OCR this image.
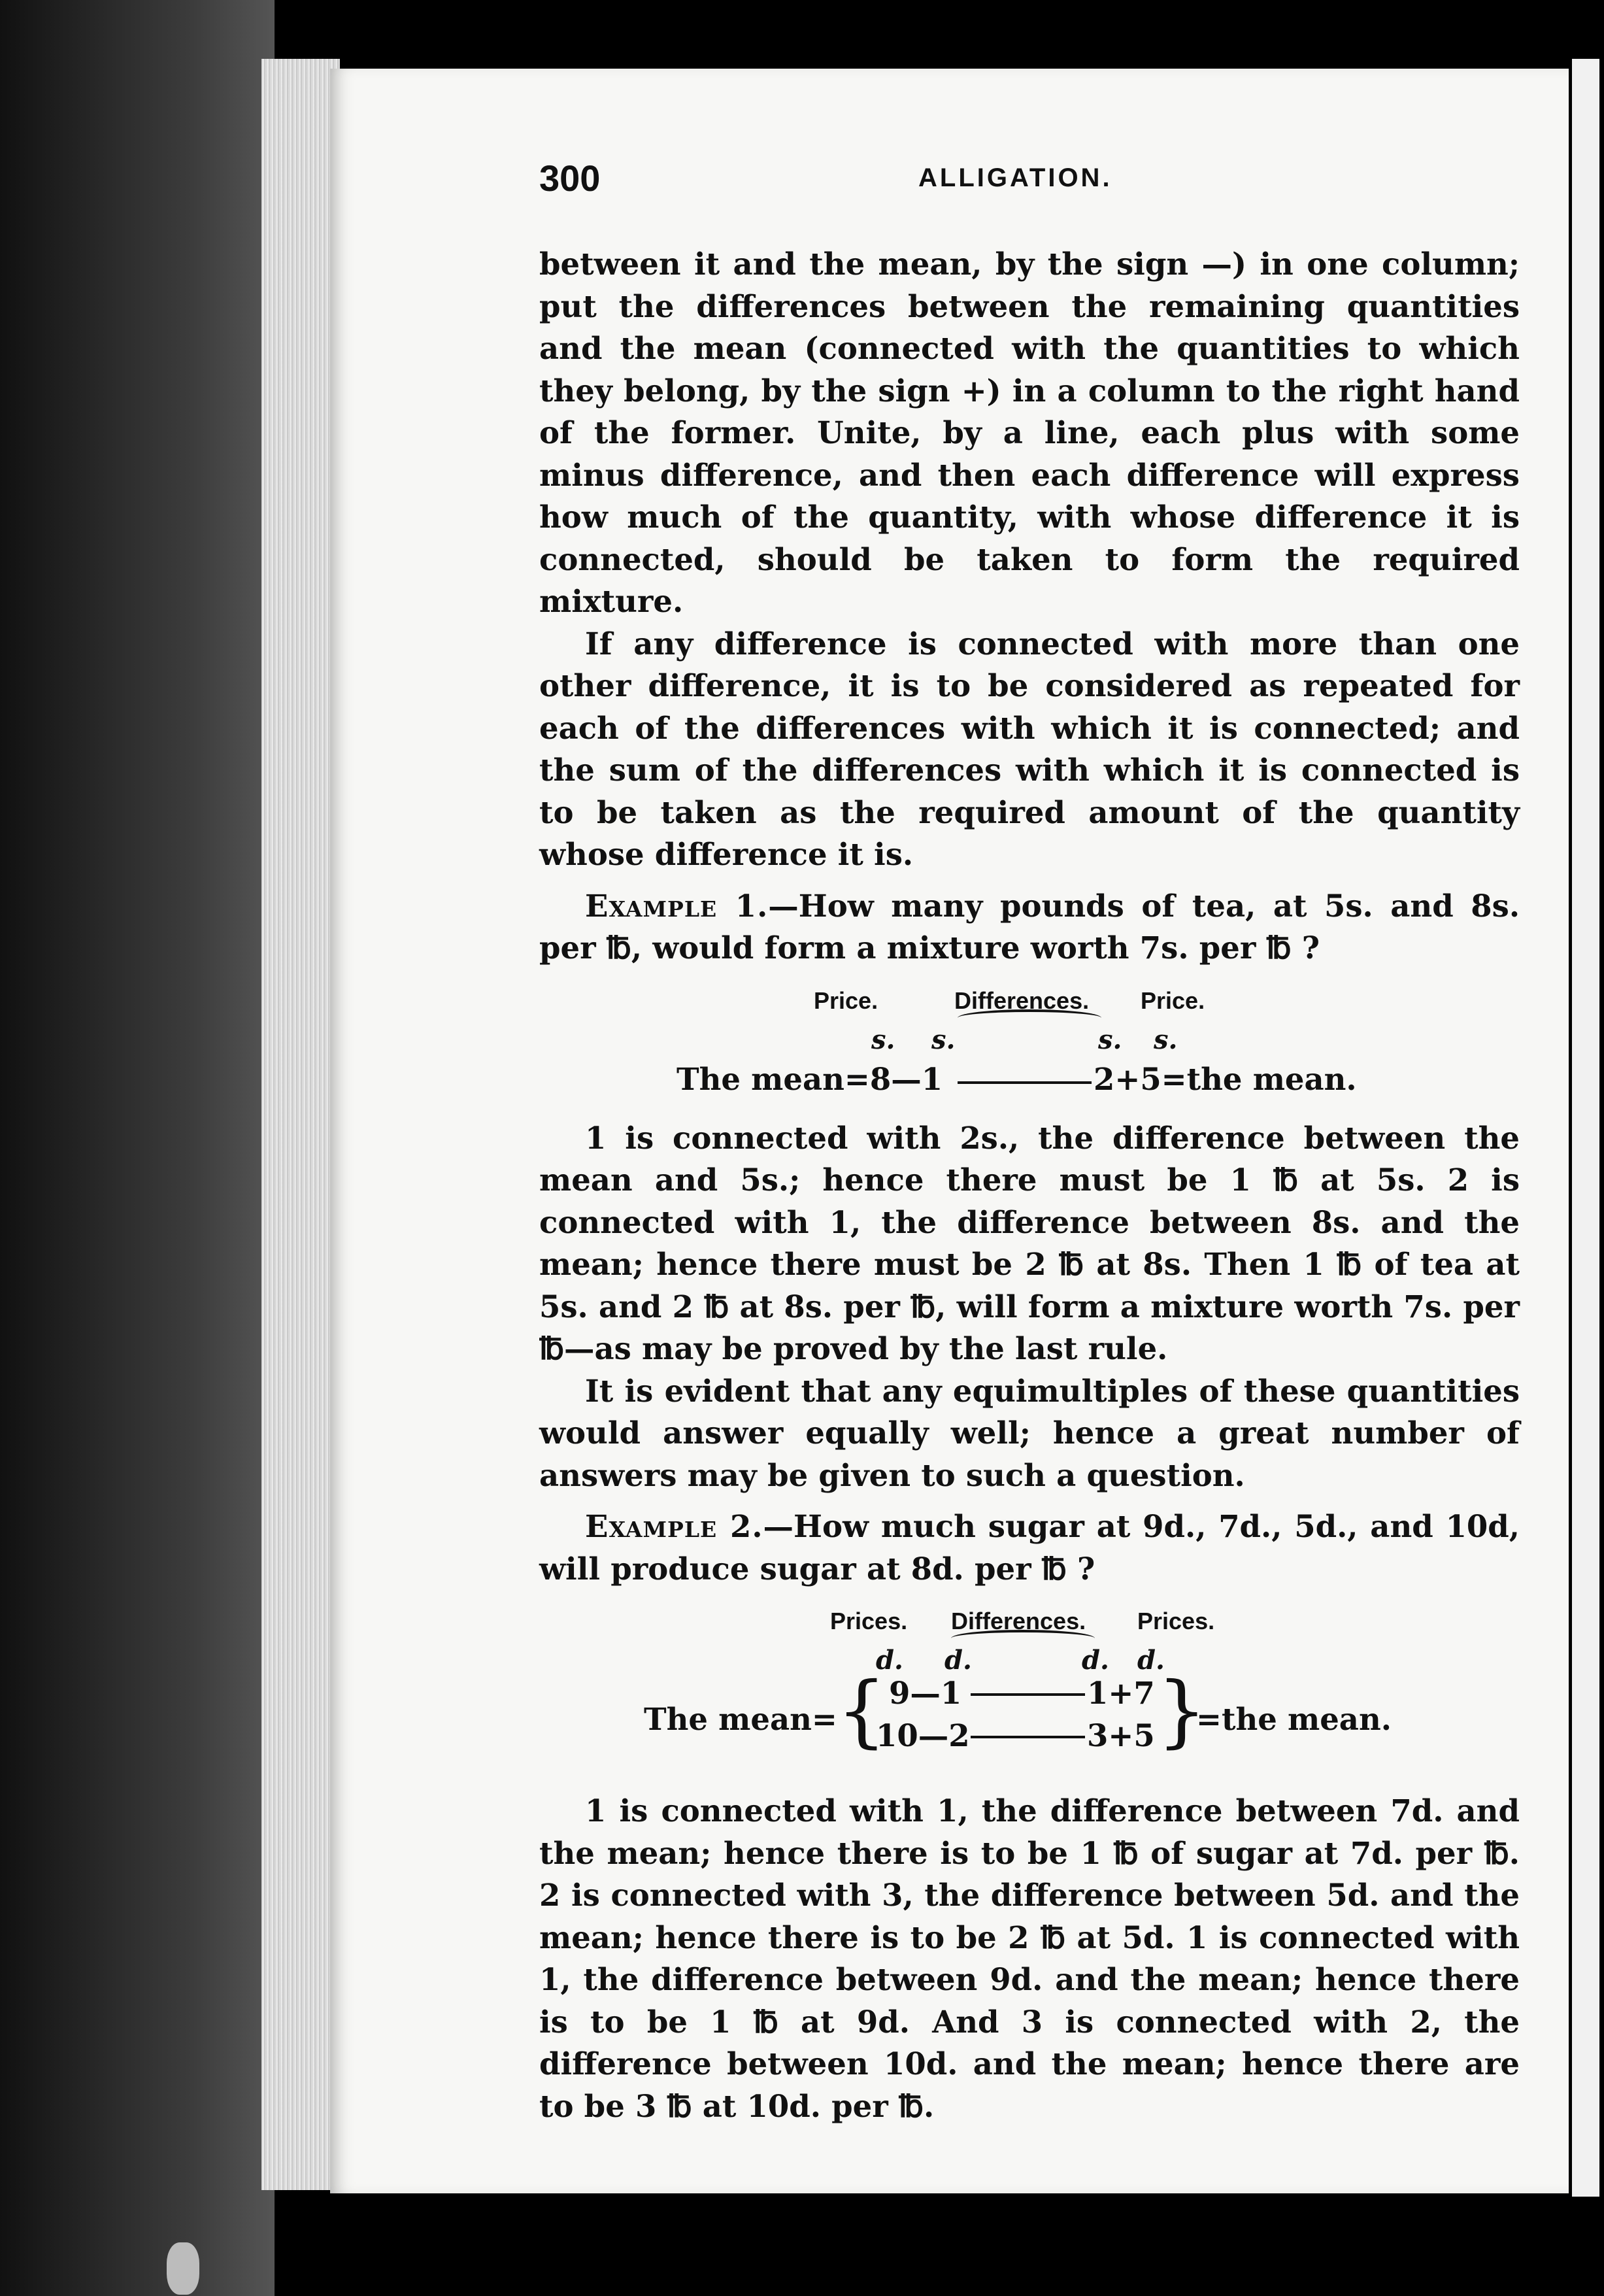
300	ALLIGATION.

between it and the mean, by the sign —) in one column; put the differences between the remaining quantities and the mean (connected with the quantities to which they belong, by the sign +) in a column to the right hand of the former. Unite, by a line, each plus with some minus difference, and then each difference will express how much of the quantity, with whose difference it is connected, should be taken to form the required mixture.

If any difference is connected with more than one other difference, it is to be considered as repeated for each of the differences with which it is connected; and the sum of the differences with which it is connected is to be taken as the required amount of the quantity whose difference it is.

Example 1.—How many pounds of tea, at 5s. and 8s. per ℔, would form a mixture worth 7s. per ℔ ?

Price.	Differences. Price.
s. s.	s. s.
The mean=8—1	2+5=the mean.

1 is connected with 2s., the difference between the mean and 5s.; hence there must be 1 ℔ at 5s. 2 is connected with 1, the difference between 8s. and the mean; hence there must be 2 ℔ at 8s. Then 1 ℔ of tea at 5s. and 2 ℔ at 8s. per ℔, will form a mixture worth 7s. per ℔—as may be proved by the last rule.

It is evident that any equimultiples of these quantities would answer equally well; hence a great number of answers may be given to such a question.

Example 2.—How much sugar at 9d., 7d., 5d., and 10d, will produce sugar at 8d. per ℔ ?

Prices. Differences. Prices.
d. d.	d. d.
The mean= { 9—1	1+7
10—2	3+5 }
=the mean.

1 is connected with 1, the difference between 7d. and the mean; hence there is to be 1 ℔ of sugar at 7d. per ℔. 2 is connected with 3, the difference between 5d. and the mean; hence there is to be 2 ℔ at 5d. 1 is connected with 1, the difference between 9d. and the mean; hence there is to be 1 ℔ at 9d. And 3 is connected with 2, the difference between 10d. and the mean; hence there are to be 3 ℔ at 10d. per ℔.
